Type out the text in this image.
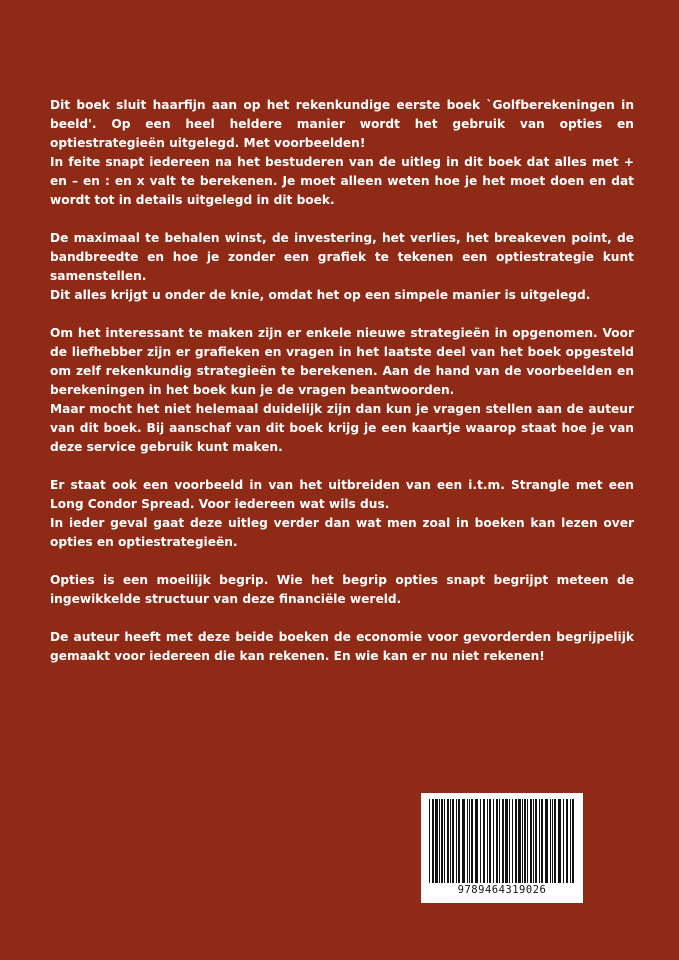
Dit boek sluit haarfijn aan op het rekenkundige eerste boek `Golfberekeningen in beeld'. Op een heel heldere manier wordt het gebruik van opties en optiestrategieën uitgelegd. Met voorbeelden!
In feite snapt iedereen na het bestuderen van de uitleg in dit boek dat alles met + en – en : en x valt te berekenen. Je moet alleen weten hoe je het moet doen en dat wordt tot in details uitgelegd in dit boek.

De maximaal te behalen winst, de investering, het verlies, het breakeven point, de bandbreedte en hoe je zonder een grafiek te tekenen een optiestrategie kunt samenstellen.
Dit alles krijgt u onder de knie, omdat het op een simpele manier is uitgelegd.

Om het interessant te maken zijn er enkele nieuwe strategieën in opgenomen. Voor de liefhebber zijn er grafieken en vragen in het laatste deel van het boek opgesteld om zelf rekenkundig strategieën te berekenen. Aan de hand van de voorbeelden en berekeningen in het boek kun je de vragen beantwoorden.
Maar mocht het niet helemaal duidelijk zijn dan kun je vragen stellen aan de auteur van dit boek. Bij aanschaf van dit boek krijg je een kaartje waarop staat hoe je van deze service gebruik kunt maken.

Er staat ook een voorbeeld in van het uitbreiden van een i.t.m. Strangle met een Long Condor Spread. Voor iedereen wat wils dus.
In ieder geval gaat deze uitleg verder dan wat men zoal in boeken kan lezen over opties en optiestrategieën.

Opties is een moeilijk begrip. Wie het begrip opties snapt begrijpt meteen de ingewikkelde structuur van deze financiële wereld.

De auteur heeft met deze beide boeken de economie voor gevorderden begrijpelijk gemaakt voor iedereen die kan rekenen. En wie kan er nu niet rekenen!

9789464319026
